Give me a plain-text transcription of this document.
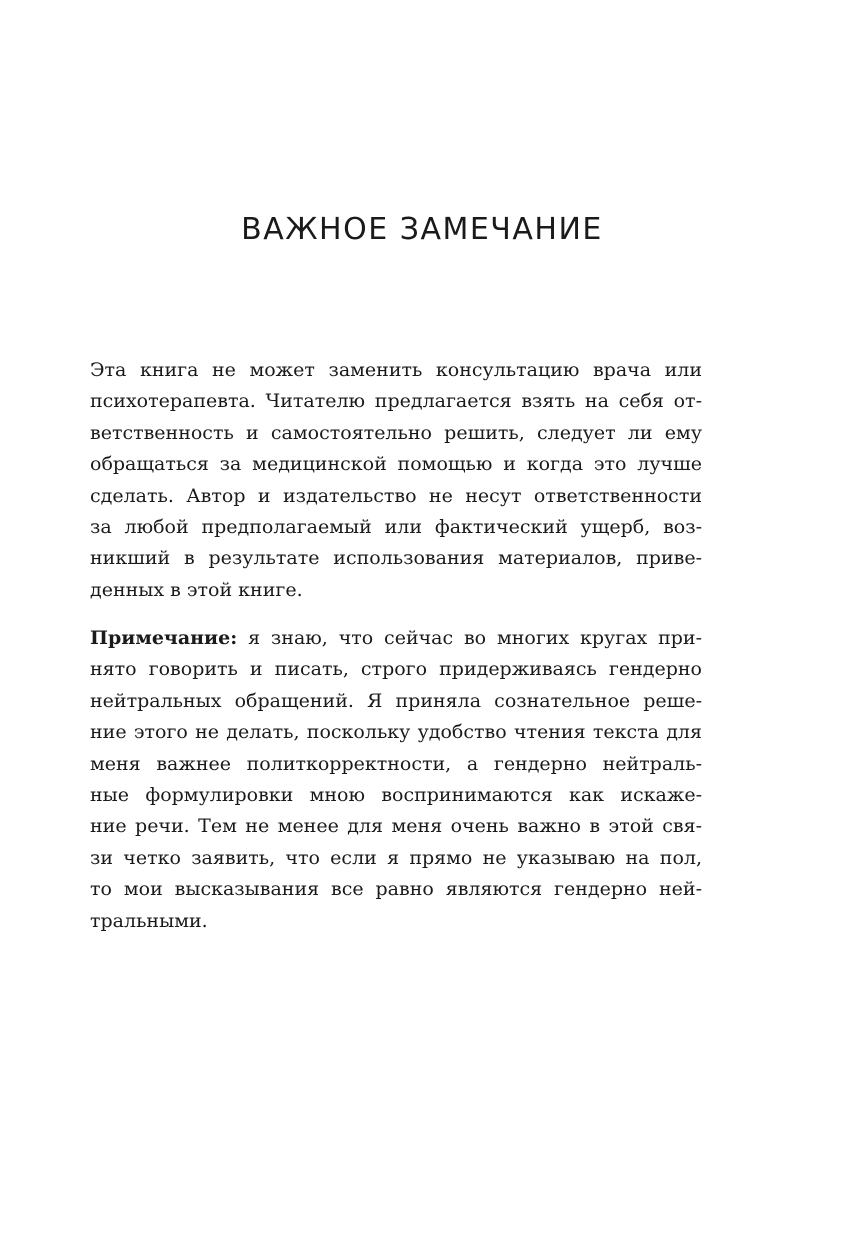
ВАЖНОЕ ЗАМЕЧАНИЕ
Эта книга не может заменить консультацию врача или
психотерапевта. Читателю предлагается взять на себя от-
ветственность и самостоятельно решить, следует ли ему
обращаться за медицинской помощью и когда это лучше
сделать. Автор и издательство не несут ответственности
за любой предполагаемый или фактический ущерб, воз-
никший в результате использования материалов, приве-
денных в этой книге.
Примечание: я знаю, что сейчас во многих кругах при-
нято говорить и писать, строго придерживаясь гендерно
нейтральных обращений. Я приняла сознательное реше-
ние этого не делать, поскольку удобство чтения текста для
меня важнее политкорректности, а гендерно нейтраль-
ные формулировки мною воспринимаются как искаже-
ние речи. Тем не менее для меня очень важно в этой свя-
зи четко заявить, что если я прямо не указываю на пол,
то мои высказывания все равно являются гендерно ней-
тральными.
